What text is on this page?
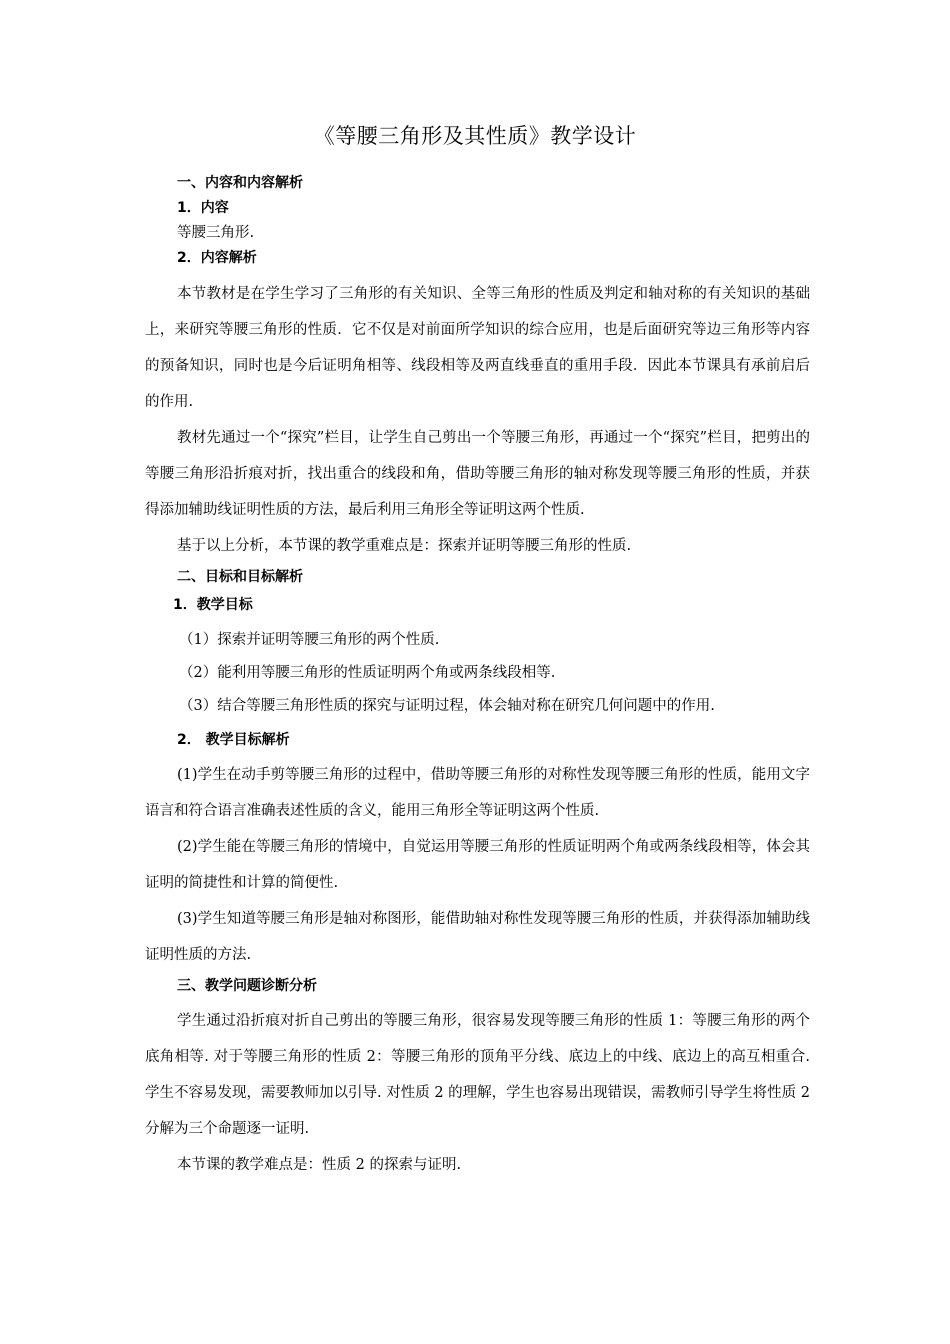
《等腰三角形及其性质》教学设计
一、内容和内容解析
1．内容
等腰三角形.
2．内容解析

本节教材是在学生学习了三角形的有关知识、全等三角形的性质及判定和轴对称的有关知识的基础上，来研究等腰三角形的性质．它不仅是对前面所学知识的综合应用，也是后面研究等边三角形等内容的预备知识，同时也是今后证明角相等、线段相等及两直线垂直的重用手段．因此本节课具有承前启后的作用.

教材先通过一个“探究”栏目，让学生自己剪出一个等腰三角形，再通过一个“探究”栏目，把剪出的等腰三角形沿折痕对折，找出重合的线段和角，借助等腰三角形的轴对称发现等腰三角形的性质，并获得添加辅助线证明性质的方法，最后利用三角形全等证明这两个性质.

基于以上分析，本节课的教学重难点是：探索并证明等腰三角形的性质.

二、目标和目标解析
1．教学目标
（1）探索并证明等腰三角形的两个性质.
（2）能利用等腰三角形的性质证明两个角或两条线段相等.
（3）结合等腰三角形性质的探究与证明过程，体会轴对称在研究几何问题中的作用.
2． 教学目标解析

(1)学生在动手剪等腰三角形的过程中，借助等腰三角形的对称性发现等腰三角形的性质，能用文字语言和符合语言准确表述性质的含义，能用三角形全等证明这两个性质.

(2)学生能在等腰三角形的情境中，自觉运用等腰三角形的性质证明两个角或两条线段相等，体会其证明的简捷性和计算的简便性.

(3)学生知道等腰三角形是轴对称图形，能借助轴对称性发现等腰三角形的性质，并获得添加辅助线证明性质的方法.

三、教学问题诊断分析

学生通过沿折痕对折自己剪出的等腰三角形，很容易发现等腰三角形的性质 1：等腰三角形的两个底角相等. 对于等腰三角形的性质 2：等腰三角形的顶角平分线、底边上的中线、底边上的高互相重合. 学生不容易发现，需要教师加以引导. 对性质 2 的理解，学生也容易出现错误，需教师引导学生将性质 2 分解为三个命题逐一证明.

本节课的教学难点是：性质 2 的探索与证明.
